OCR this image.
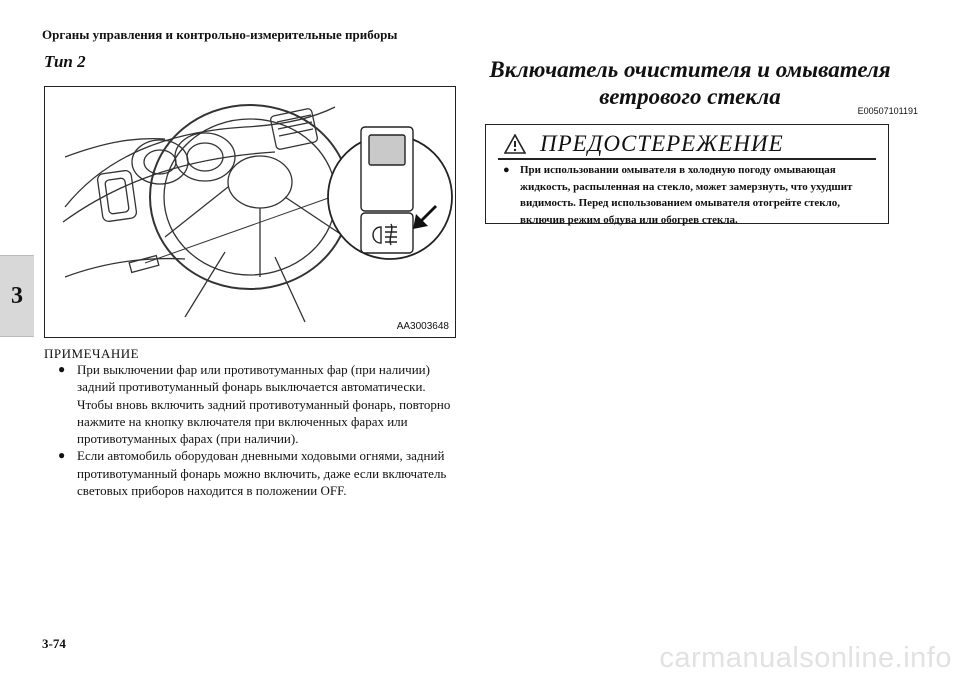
Органы управления и контрольно-измерительные приборы
3
Тип 2
AA3003648
ПРИМЕЧАНИЕ
● При выключении фар или противотуманных фар (при наличии) задний противотуманный фонарь выключается автоматически. Чтобы вновь включить задний противотуманный фонарь, повторно нажмите на кнопку включателя при включенных фарах или противотуманных фарах (при наличии).
● Если автомобиль оборудован дневными ходовыми огнями, задний противотуманный фонарь можно включить, даже если включатель световых приборов находится в положении OFF.
Включатель очистителя и омывателя
ветрового стекла
E00507101191
ПРЕДОСТЕРЕЖЕНИЕ
● При использовании омывателя в холодную погоду омывающая жидкость, распыленная на стекло, может замерзнуть, что ухудшит видимость. Перед использованием омывателя отогрейте стекло, включив режим обдува или обогрев стекла.
3-74	carmanualsonline.info
